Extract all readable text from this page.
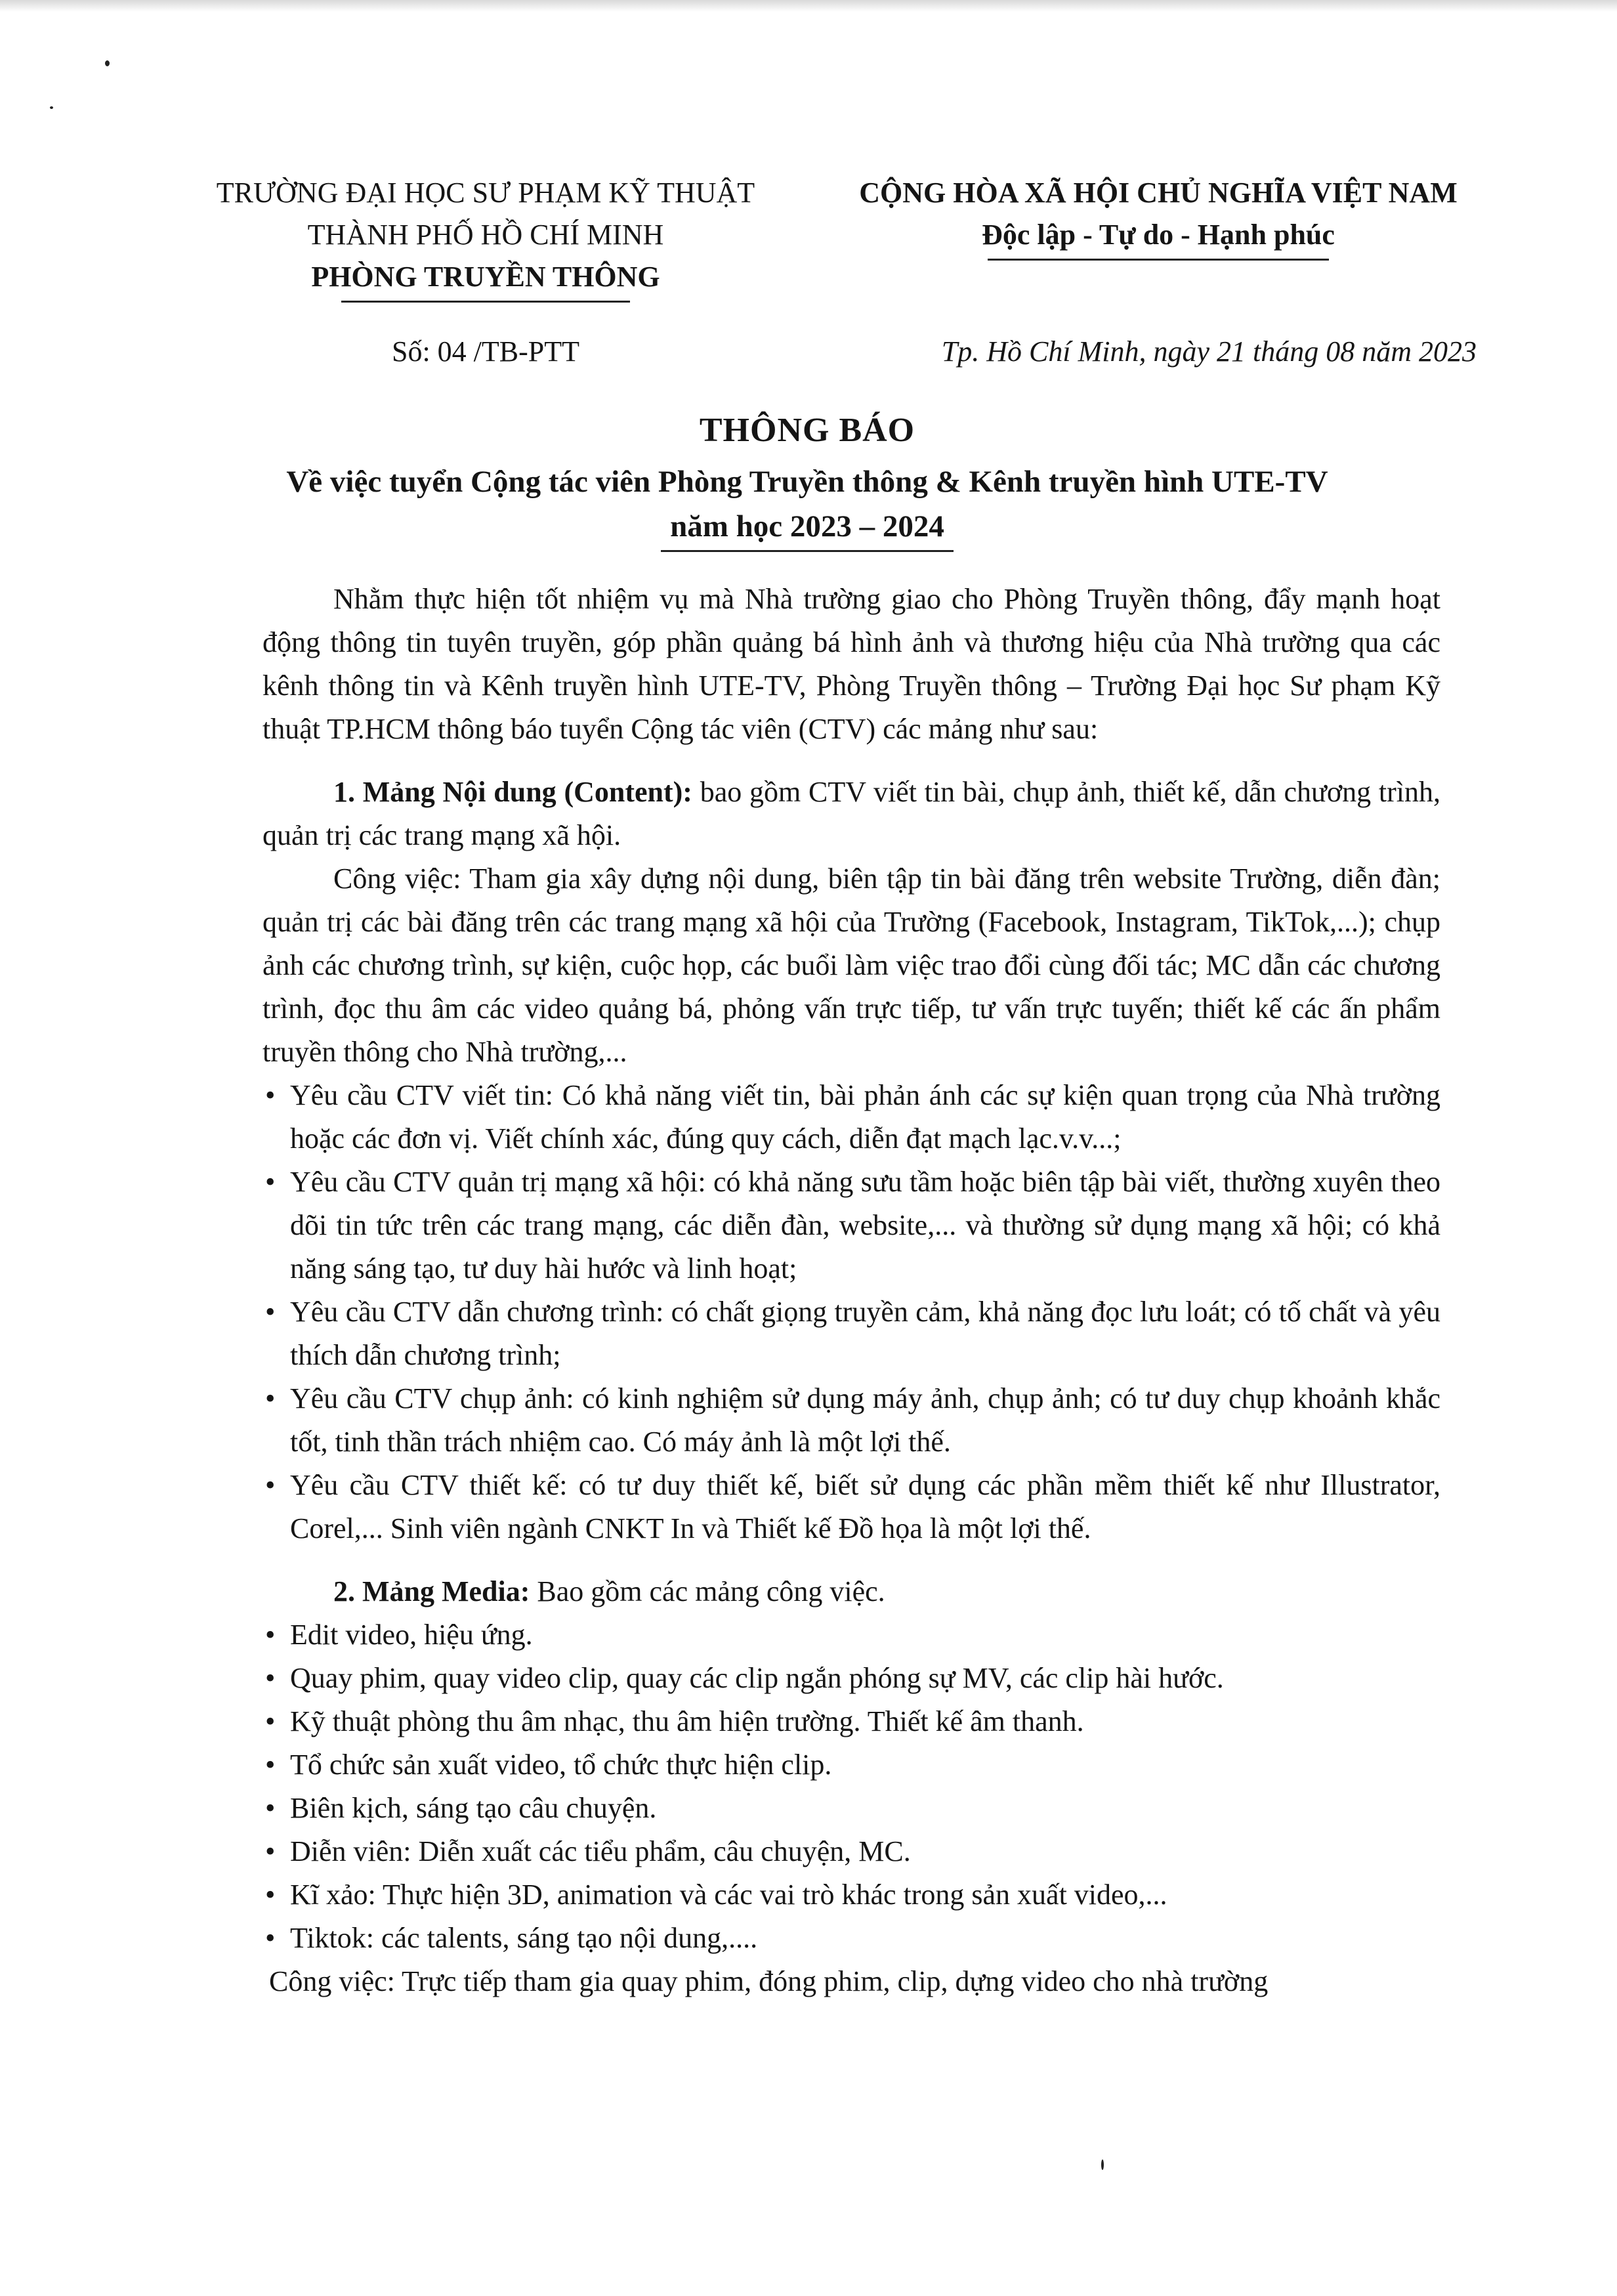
TRƯỜNG ĐẠI HỌC SƯ PHẠM KỸ THUẬT
THÀNH PHỐ HỒ CHÍ MINH
PHÒNG TRUYỀN THÔNG
CỘNG HÒA XÃ HỘI CHỦ NGHĨA VIỆT NAM
Độc lập - Tự do - Hạnh phúc
Số: 04 /TB-PTT	Tp. Hồ Chí Minh, ngày 21 tháng 08 năm 2023
THÔNG BÁO
Về việc tuyển Cộng tác viên Phòng Truyền thông & Kênh truyền hình UTE-TV
năm học 2023 – 2024

Nhằm thực hiện tốt nhiệm vụ mà Nhà trường giao cho Phòng Truyền thông, đẩy mạnh hoạt động thông tin tuyên truyền, góp phần quảng bá hình ảnh và thương hiệu của Nhà trường qua các kênh thông tin và Kênh truyền hình UTE-TV, Phòng Truyền thông – Trường Đại học Sư phạm Kỹ thuật TP.HCM thông báo tuyển Cộng tác viên (CTV) các mảng như sau:

1. Mảng Nội dung (Content): bao gồm CTV viết tin bài, chụp ảnh, thiết kế, dẫn chương trình, quản trị các trang mạng xã hội.

Công việc: Tham gia xây dựng nội dung, biên tập tin bài đăng trên website Trường, diễn đàn; quản trị các bài đăng trên các trang mạng xã hội của Trường (Facebook, Instagram, TikTok,...); chụp ảnh các chương trình, sự kiện, cuộc họp, các buổi làm việc trao đổi cùng đối tác; MC dẫn các chương trình, đọc thu âm các video quảng bá, phỏng vấn trực tiếp, tư vấn trực tuyến; thiết kế các ấn phẩm truyền thông cho Nhà trường,...

• Yêu cầu CTV viết tin: Có khả năng viết tin, bài phản ánh các sự kiện quan trọng của Nhà trường hoặc các đơn vị. Viết chính xác, đúng quy cách, diễn đạt mạch lạc.v.v...;
• Yêu cầu CTV quản trị mạng xã hội: có khả năng sưu tầm hoặc biên tập bài viết, thường xuyên theo dõi tin tức trên các trang mạng, các diễn đàn, website,... và thường sử dụng mạng xã hội; có khả năng sáng tạo, tư duy hài hước và linh hoạt;
• Yêu cầu CTV dẫn chương trình: có chất giọng truyền cảm, khả năng đọc lưu loát; có tố chất và yêu thích dẫn chương trình;
• Yêu cầu CTV chụp ảnh: có kinh nghiệm sử dụng máy ảnh, chụp ảnh; có tư duy chụp khoảnh khắc tốt, tinh thần trách nhiệm cao. Có máy ảnh là một lợi thế.
• Yêu cầu CTV thiết kế: có tư duy thiết kế, biết sử dụng các phần mềm thiết kế như Illustrator, Corel,... Sinh viên ngành CNKT In và Thiết kế Đồ họa là một lợi thế.

2. Mảng Media: Bao gồm các mảng công việc.

• Edit video, hiệu ứng.
• Quay phim, quay video clip, quay các clip ngắn phóng sự MV, các clip hài hước.
• Kỹ thuật phòng thu âm nhạc, thu âm hiện trường. Thiết kế âm thanh.
• Tổ chức sản xuất video, tổ chức thực hiện clip.
• Biên kịch, sáng tạo câu chuyện.
• Diễn viên: Diễn xuất các tiểu phẩm, câu chuyện, MC.
• Kĩ xảo: Thực hiện 3D, animation và các vai trò khác trong sản xuất video,...
• Tiktok: các talents, sáng tạo nội dung,....

Công việc: Trực tiếp tham gia quay phim, đóng phim, clip, dựng video cho nhà trường
